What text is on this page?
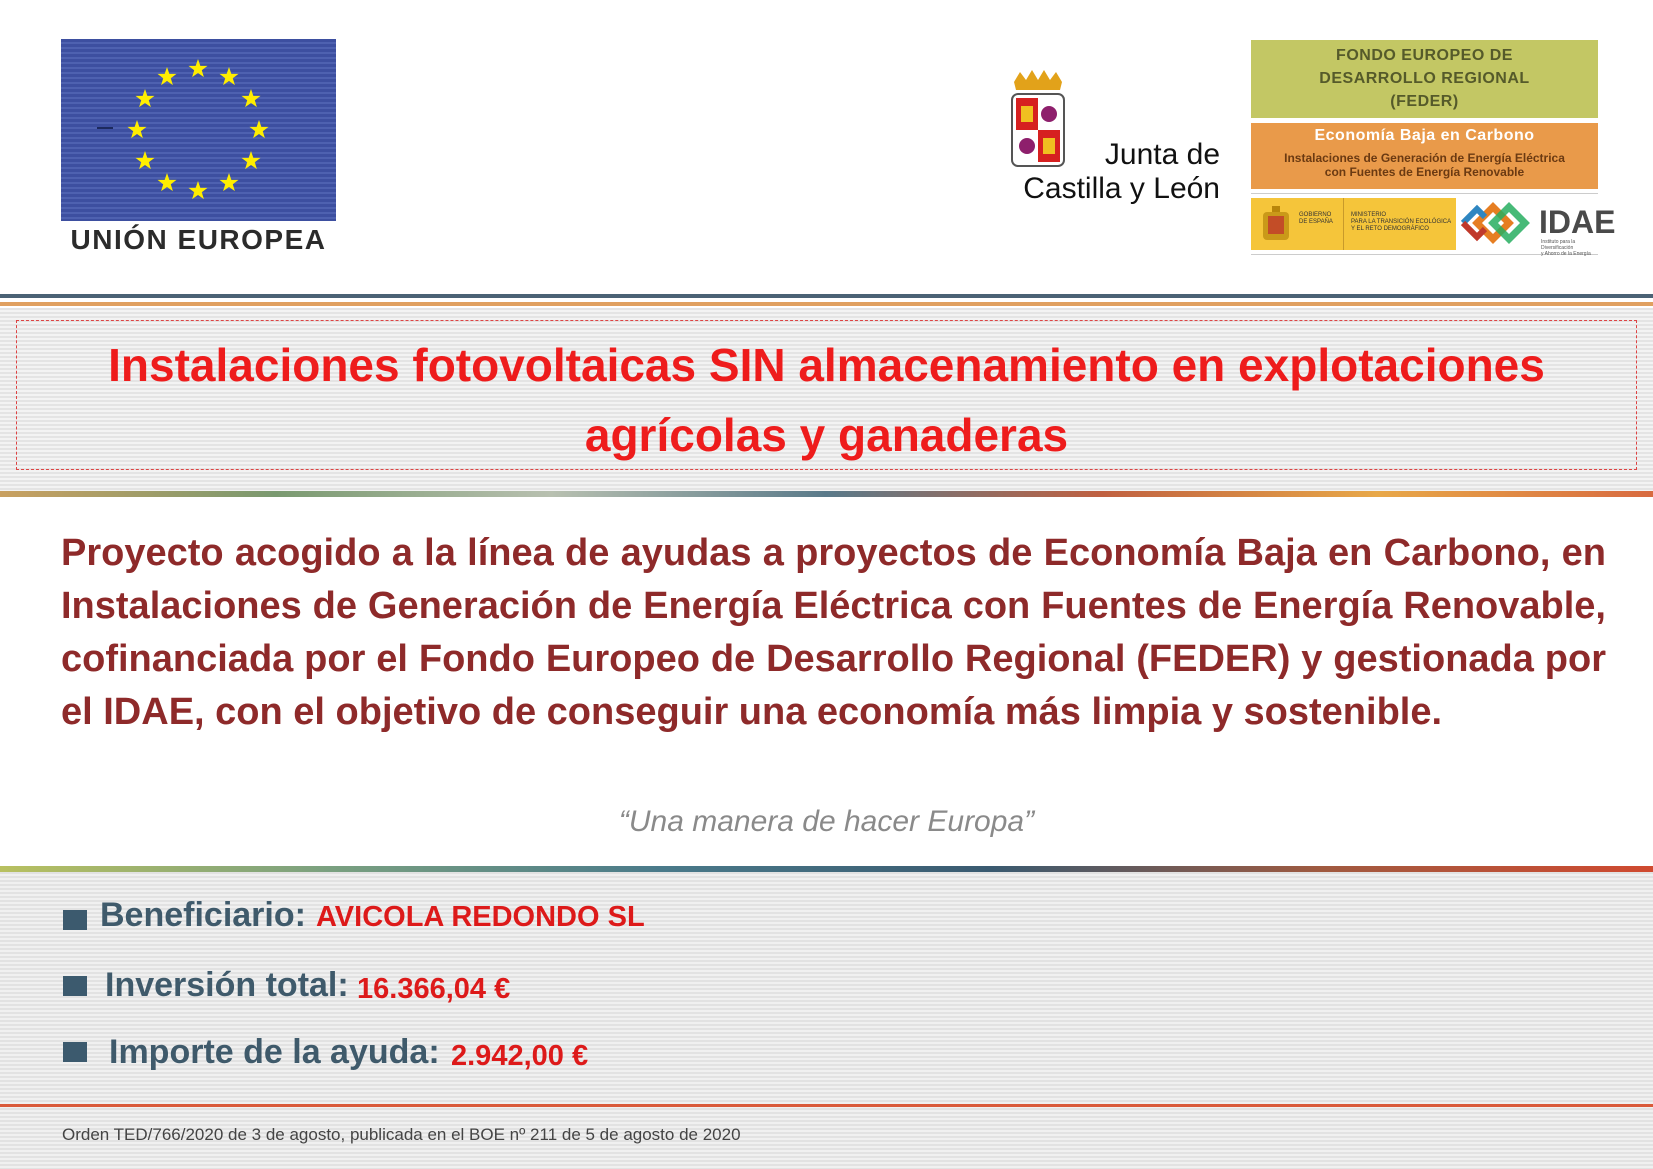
UNIÓN EUROPEA
Junta de
Castilla y León
FONDO EUROPEO DE
DESARROLLO REGIONAL
(FEDER)
Economía Baja en Carbono
Instalaciones de Generación de Energía Eléctrica
con Fuentes de Energía Renovable
GOBIERNO
DE ESPAÑA
MINISTERIO
PARA LA TRANSICIÓN ECOLÓGICA
Y EL RETO DEMOGRÁFICO	IDAE
Instituto para la Diversificación
y Ahorro de la Energía
Instalaciones fotovoltaicas SIN almacenamiento en explotaciones
agrícolas y ganaderas
Proyecto acogido a la línea de ayudas a proyectos de Economía Baja en Carbono, en Instalaciones de Generación de Energía Eléctrica con Fuentes de Energía Renovable, cofinanciada por el Fondo Europeo de Desarrollo Regional (FEDER) y gestionada por el IDAE, con el objetivo de conseguir una economía más limpia y sostenible.
“Una manera de hacer Europa”
Beneficiario: AVICOLA REDONDO SL
Inversión total: 16.366,04 €
Importe de la ayuda: 2.942,00 €
Orden TED/766/2020 de 3 de agosto, publicada en el BOE nº 211 de 5 de agosto de 2020
